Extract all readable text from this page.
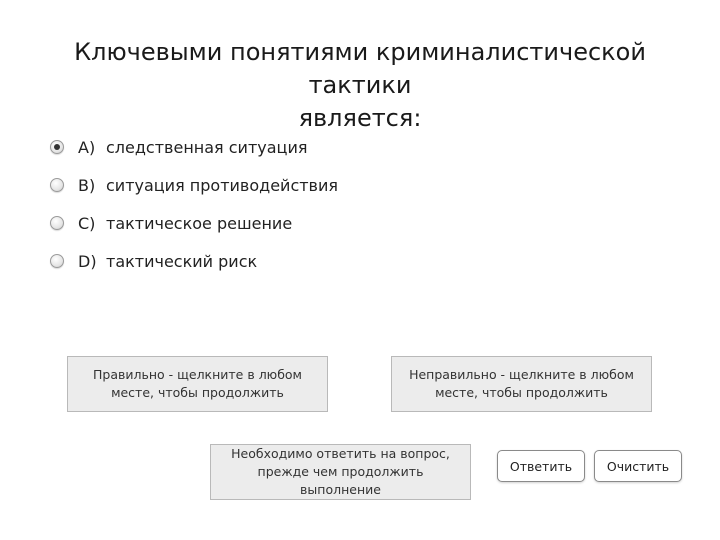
Ключевыми понятиями криминалистической тактики
является:
A) следственная ситуация
B) ситуация противодействия
C) тактическое решение
D) тактический риск
Правильно - щелкните в любом месте, чтобы продолжить
Неправильно - щелкните в любом месте, чтобы продолжить
Необходимо ответить на вопрос, прежде чем продолжить выполнение
Ответить	Очистить
